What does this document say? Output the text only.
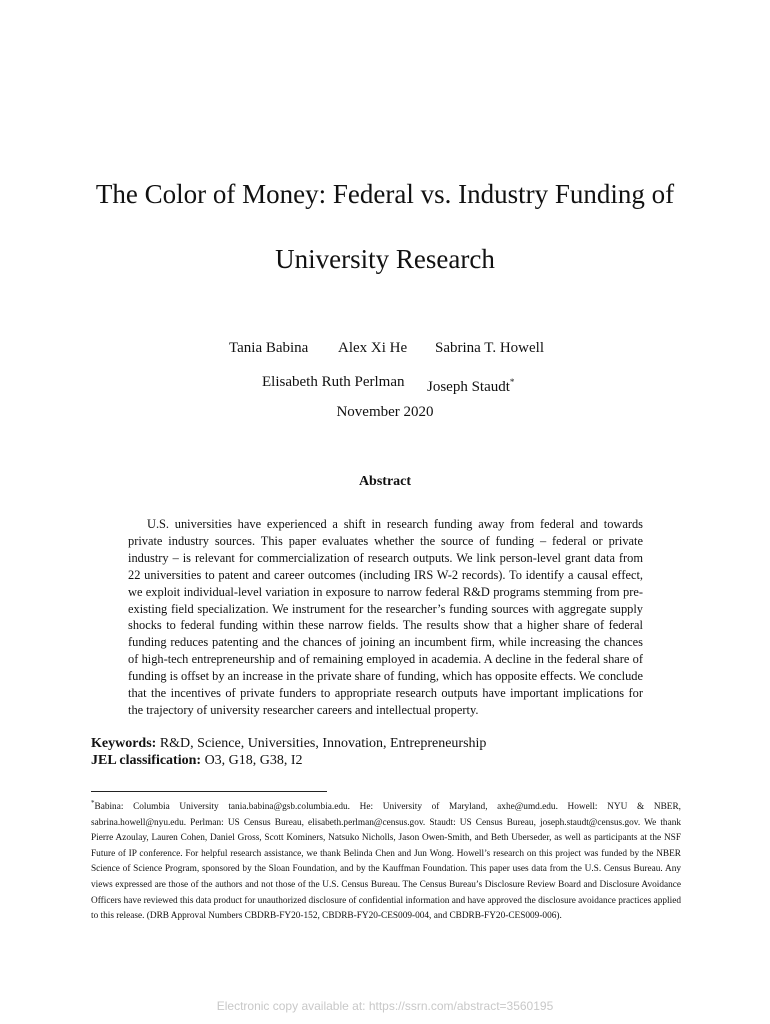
The Color of Money: Federal vs. Industry Funding of
University Research
Tania Babina Alex Xi He Sabrina T. Howell
Elisabeth Ruth Perlman Joseph Staudt*
November 2020
Abstract

U.S. universities have experienced a shift in research funding away from federal and towards private industry sources. This paper evaluates whether the source of funding – federal or private industry – is relevant for commercialization of research outputs. We link person-level grant data from 22 universities to patent and career outcomes (including IRS W-2 records). To identify a causal effect, we exploit individual-level variation in exposure to narrow federal R&D programs stemming from pre-existing field specialization. We instrument for the researcher’s funding sources with aggregate supply shocks to federal funding within these narrow fields. The results show that a higher share of federal funding reduces patenting and the chances of joining an incumbent firm, while increasing the chances of high-tech entrepreneurship and of remaining employed in academia. A decline in the federal share of funding is offset by an increase in the private share of funding, which has opposite effects. We conclude that the incentives of private funders to appropriate research outputs have important implications for the trajectory of university researcher careers and intellectual property.

Keywords: R&D, Science, Universities, Innovation, Entrepreneurship
JEL classification: O3, G18, G38, I2

*Babina: Columbia University tania.babina@gsb.columbia.edu. He: University of Maryland, axhe@umd.edu. Howell: NYU & NBER, sabrina.howell@nyu.edu. Perlman: US Census Bureau, elisabeth.perlman@census.gov. Staudt: US Census Bureau, joseph.staudt@census.gov. We thank Pierre Azoulay, Lauren Cohen, Daniel Gross, Scott Kominers, Natsuko Nicholls, Jason Owen-Smith, and Beth Uberseder, as well as participants at the NSF Future of IP conference. For helpful research assistance, we thank Belinda Chen and Jun Wong. Howell’s research on this project was funded by the NBER Science of Science Program, sponsored by the Sloan Foundation, and by the Kauffman Foundation. This paper uses data from the U.S. Census Bureau. Any views expressed are those of the authors and not those of the U.S. Census Bureau. The Census Bureau’s Disclosure Review Board and Disclosure Avoidance Officers have reviewed this data product for unauthorized disclosure of confidential information and have approved the disclosure avoidance practices applied to this release. (DRB Approval Numbers CBDRB-FY20-152, CBDRB-FY20-CES009-004, and CBDRB-FY20-CES009-006).

Electronic copy available at: https://ssrn.com/abstract=3560195
